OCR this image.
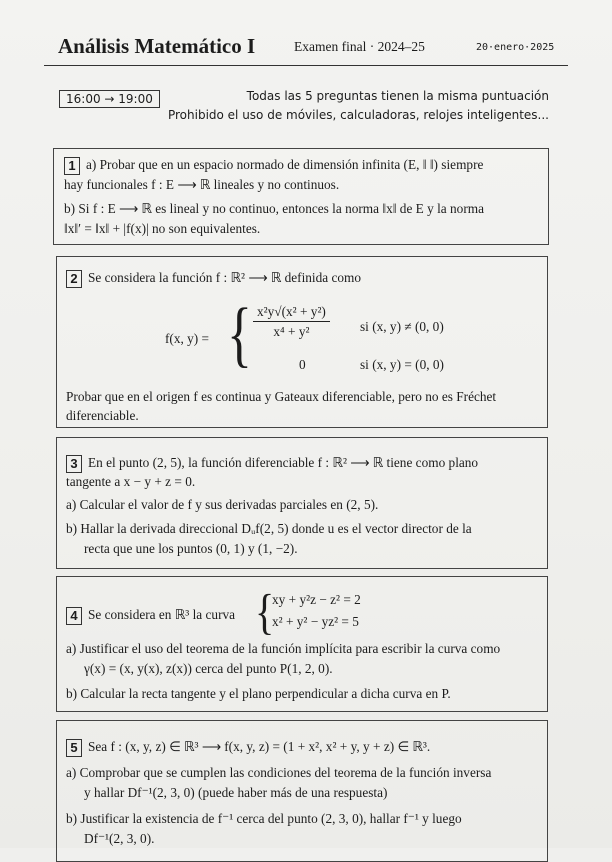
Análisis Matemático I	Examen final · 2024–25	20·enero·2025
16:00 → 19:00	Todas las 5 preguntas tienen la misma puntuación
Prohibido el uso de móviles, calculadoras, relojes inteligentes...
1 a) Probar que en un espacio normado de dimensión infinita (E, ‖ ‖) siempre
hay funcionales f : E ⟶ ℝ lineales y no continuos.
b) Si f : E ⟶ ℝ es lineal y no continuo, entonces la norma ‖x‖ de E y la norma
‖x‖′ = ‖x‖ + |f(x)| no son equivalentes.
2 Se considera la función f : ℝ² ⟶ ℝ definida como
f(x, y) = { $\frac{\text{x²y√(x² + y²)}}{\text{x⁴ + y²}}$ si (x, y) ≠ (0, 0)
0	si (x, y) = (0, 0)
Probar que en el origen f es continua y Gateaux diferenciable, pero no es Fréchet
diferenciable.
3 En el punto (2, 5), la función diferenciable f : ℝ² ⟶ ℝ tiene como plano
tangente a x − y + z = 0.
a) Calcular el valor de f y sus derivadas parciales en (2, 5).
b) Hallar la derivada direccional Dᵤf(2, 5) donde u es el vector director de la
recta que une los puntos (0, 1) y (1, −2).
4 Se considera en ℝ³ la curva {
xy + y²z − z² = 2
x² + y² − yz² = 5
a) Justificar el uso del teorema de la función implícita para escribir la curva como
γ(x) = (x, y(x), z(x)) cerca del punto P(1, 2, 0).
b) Calcular la recta tangente y el plano perpendicular a dicha curva en P.
5 Sea f : (x, y, z) ∈ ℝ³ ⟶ f(x, y, z) = (1 + x², x² + y, y + z) ∈ ℝ³.
a) Comprobar que se cumplen las condiciones del teorema de la función inversa
y hallar Df⁻¹(2, 3, 0) (puede haber más de una respuesta)
b) Justificar la existencia de f⁻¹ cerca del punto (2, 3, 0), hallar f⁻¹ y luego
Df⁻¹(2, 3, 0).
